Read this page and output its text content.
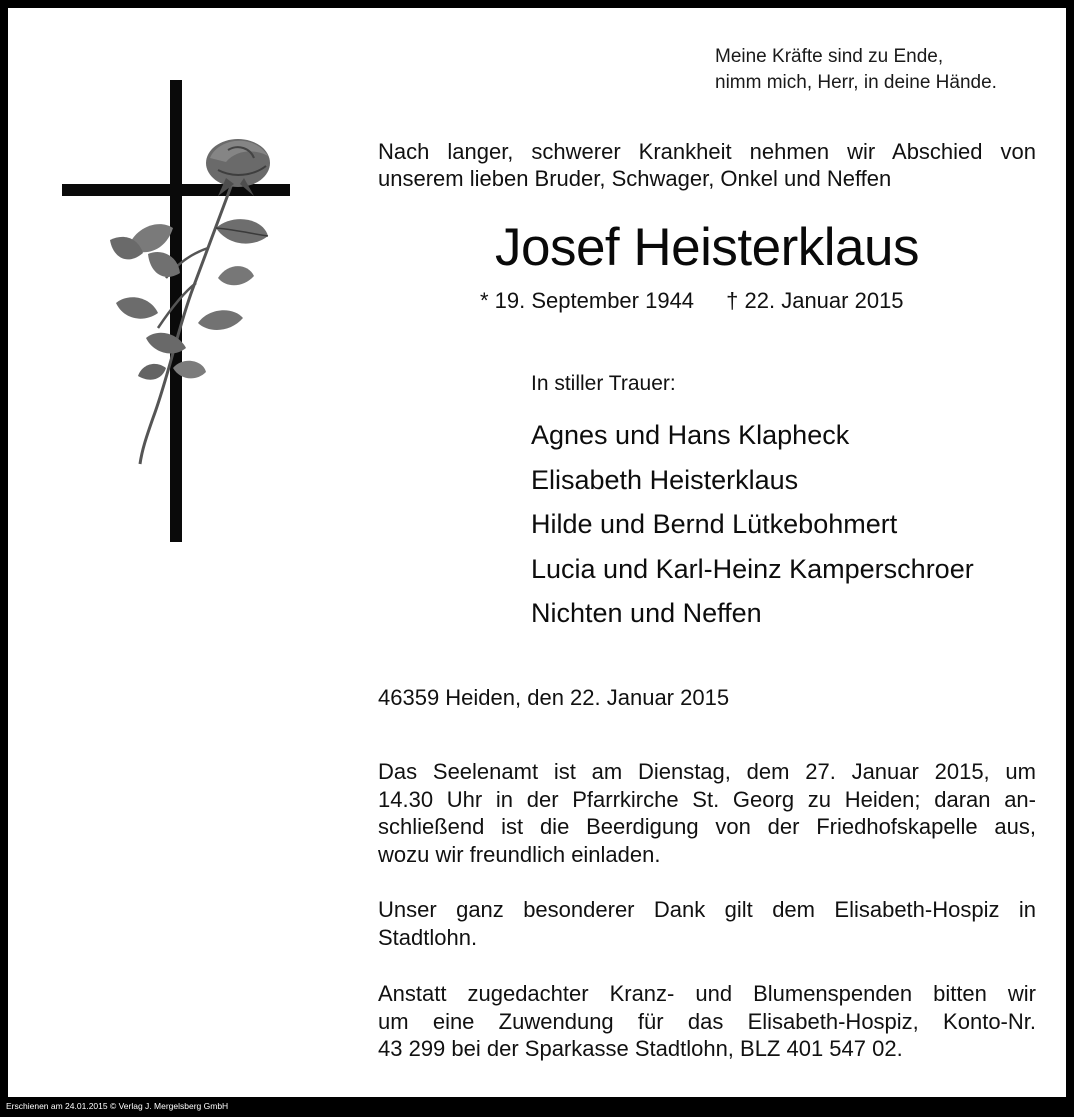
Meine Kräfte sind zu Ende,
nimm mich, Herr, in deine Hände.
Nach langer, schwerer Krankheit nehmen wir Abschied von
unserem lieben Bruder, Schwager, Onkel und Neffen
Josef Heisterklaus
* 19. September 1944 † 22. Januar 2015
In stiller Trauer:
Agnes und Hans Klapheck
Elisabeth Heisterklaus
Hilde und Bernd Lütkebohmert
Lucia und Karl-Heinz Kamperschroer
Nichten und Neffen
46359 Heiden, den 22. Januar 2015
Das Seelenamt ist am Dienstag, dem 27. Januar 2015, um
14.30 Uhr in der Pfarrkirche St. Georg zu Heiden; daran an-
schließend ist die Beerdigung von der Friedhofskapelle aus,
wozu wir freundlich einladen.
Unser ganz besonderer Dank gilt dem Elisabeth-Hospiz in
Stadtlohn.
Anstatt zugedachter Kranz- und Blumenspenden bitten wir
um eine Zuwendung für das Elisabeth-Hospiz, Konto-Nr.
43 299 bei der Sparkasse Stadtlohn, BLZ 401 547 02.
Erschienen am 24.01.2015 © Verlag J. Mergelsberg GmbH
